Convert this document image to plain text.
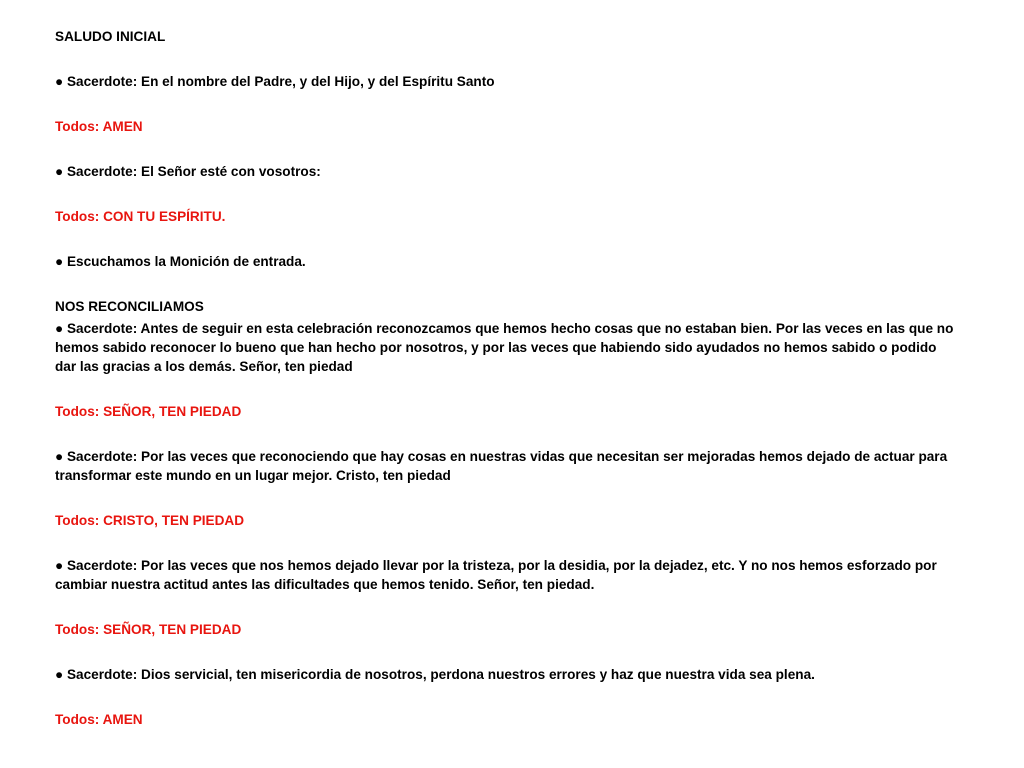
SALUDO INICIAL
● Sacerdote: En el nombre del Padre, y del Hijo, y del Espíritu Santo
Todos: AMEN
● Sacerdote: El Señor esté con vosotros:
Todos: CON TU ESPÍRITU.
● Escuchamos la Monición de entrada.
NOS RECONCILIAMOS
● Sacerdote: Antes de seguir en esta celebración reconozcamos que hemos hecho cosas que no estaban bien. Por las veces en las que no hemos sabido reconocer lo bueno que han hecho por nosotros, y por las veces que habiendo sido ayudados no hemos sabido o podido dar las gracias a los demás. Señor, ten piedad
Todos: SEÑOR, TEN PIEDAD
● Sacerdote: Por las veces que reconociendo que hay cosas en nuestras vidas que necesitan ser mejoradas hemos dejado de actuar para transformar este mundo en un lugar mejor. Cristo, ten piedad
Todos: CRISTO, TEN PIEDAD
● Sacerdote: Por las veces que nos hemos dejado llevar por la tristeza, por la desidia, por la dejadez, etc. Y no nos hemos esforzado por cambiar nuestra actitud antes las dificultades que hemos tenido. Señor, ten piedad.
Todos: SEÑOR, TEN PIEDAD
● Sacerdote: Dios servicial, ten misericordia de nosotros, perdona nuestros errores y haz que nuestra vida sea plena.
Todos: AMEN
